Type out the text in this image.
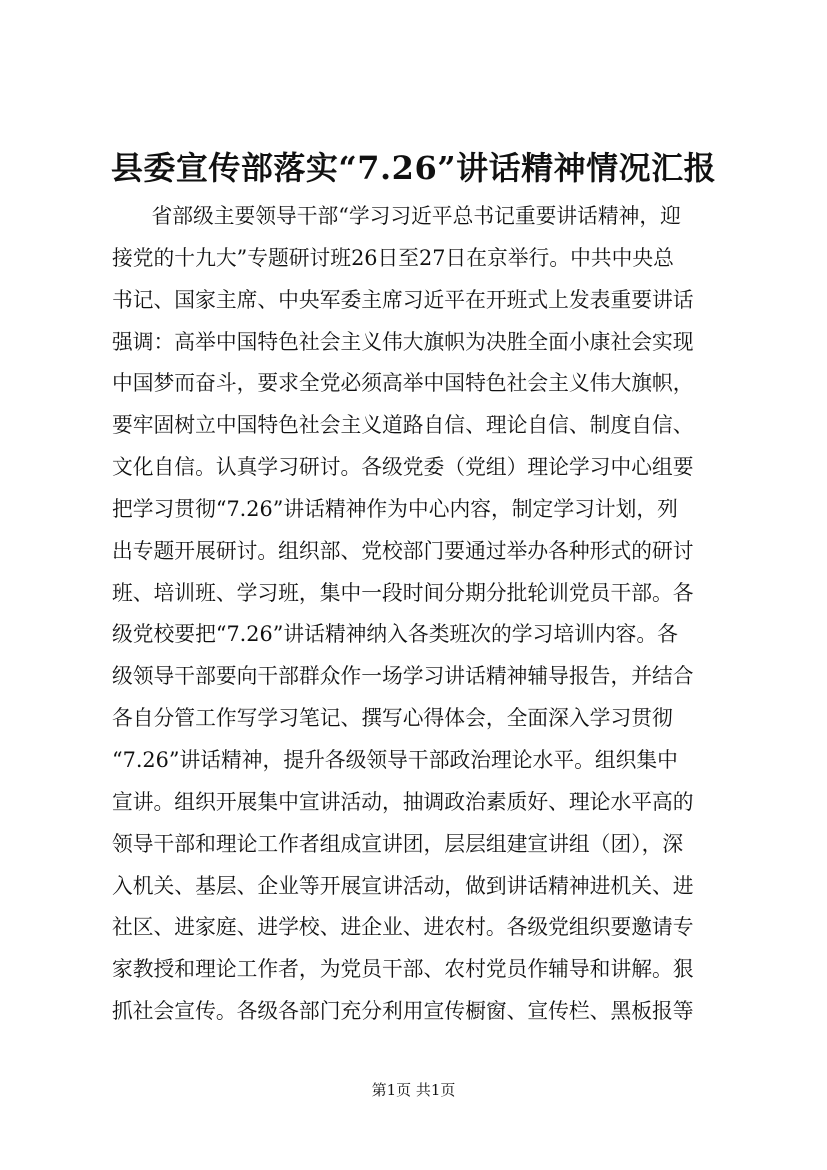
县委宣传部落实“7.26”讲话精神情况汇报
省部级主要领导干部“学习习近平总书记重要讲话精神，迎
接党的十九大”专题研讨班26日至27日在京举行。中共中央总
书记、国家主席、中央军委主席习近平在开班式上发表重要讲话
强调：高举中国特色社会主义伟大旗帜为决胜全面小康社会实现
中国梦而奋斗，要求全党必须高举中国特色社会主义伟大旗帜，
要牢固树立中国特色社会主义道路自信、理论自信、制度自信、
文化自信。认真学习研讨。各级党委（党组）理论学习中心组要
把学习贯彻“7.26”讲话精神作为中心内容，制定学习计划，列
出专题开展研讨。组织部、党校部门要通过举办各种形式的研讨
班、培训班、学习班，集中一段时间分期分批轮训党员干部。各
级党校要把“7.26”讲话精神纳入各类班次的学习培训内容。各
级领导干部要向干部群众作一场学习讲话精神辅导报告，并结合
各自分管工作写学习笔记、撰写心得体会，全面深入学习贯彻
“7.26”讲话精神，提升各级领导干部政治理论水平。组织集中
宣讲。组织开展集中宣讲活动，抽调政治素质好、理论水平高的
领导干部和理论工作者组成宣讲团，层层组建宣讲组（团），深
入机关、基层、企业等开展宣讲活动，做到讲话精神进机关、进
社区、进家庭、进学校、进企业、进农村。各级党组织要邀请专
家教授和理论工作者，为党员干部、农村党员作辅导和讲解。狠
抓社会宣传。各级各部门充分利用宣传橱窗、宣传栏、黑板报等
第1页 共1页
